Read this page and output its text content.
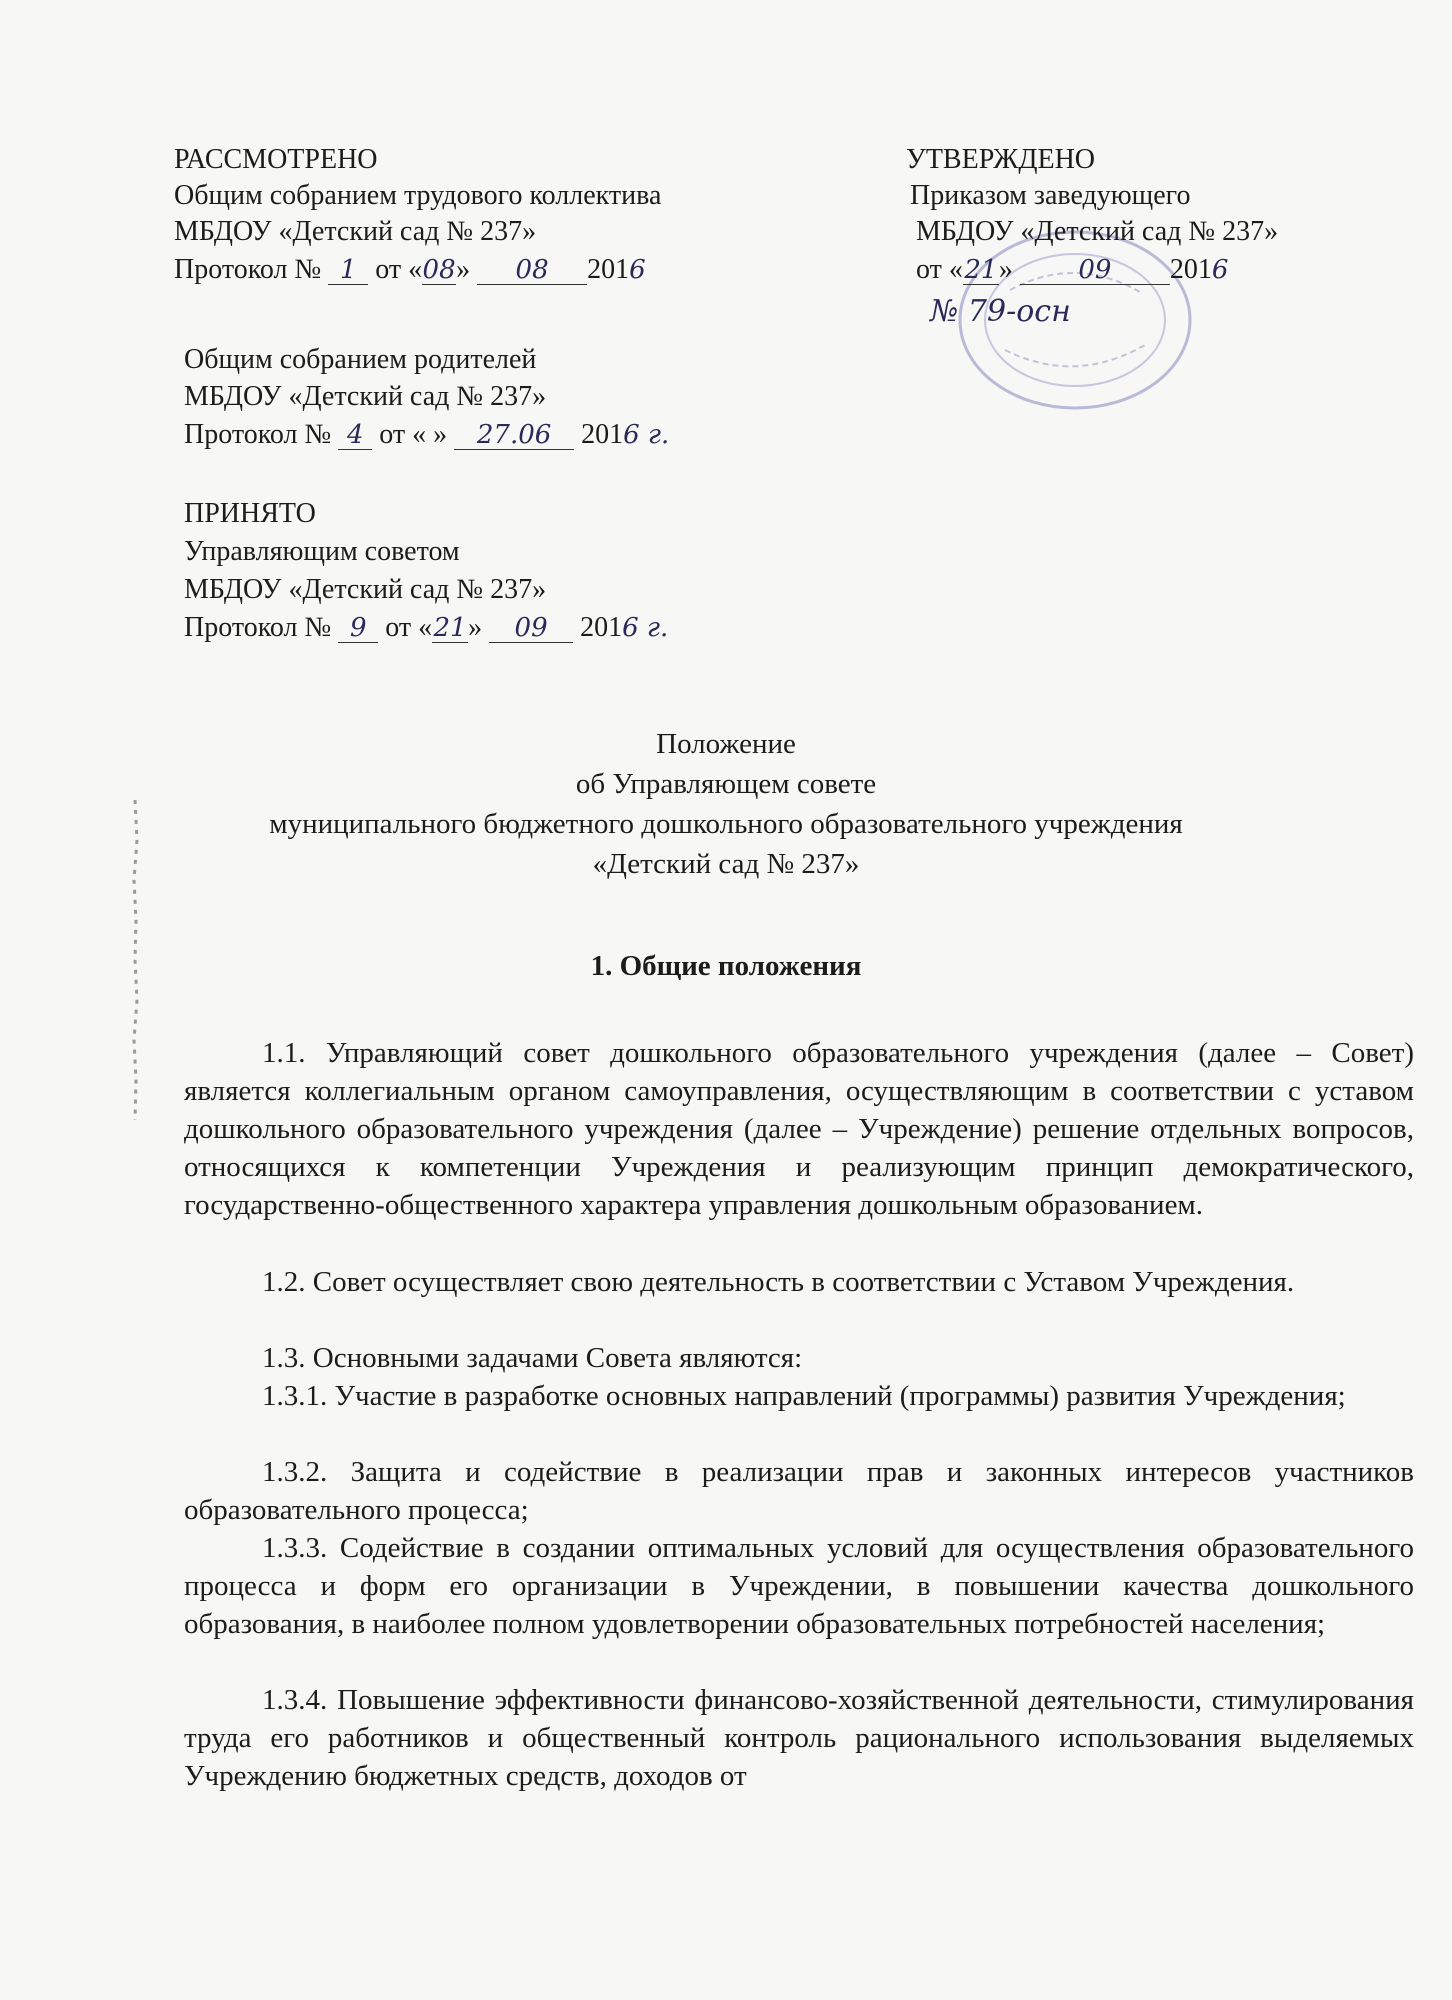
РАССМОТРЕНО
Общим собранием трудового коллектива
МБДОУ «Детский сад № 237»
Протокол № 1 от «08» 08 2016
Общим собранием родителей
МБДОУ «Детский сад № 237»
Протокол № 4 от « » 27.06 2016 г.
ПРИНЯТО
Управляющим советом
МБДОУ «Детский сад № 237»
Протокол № 9 от «21» 09 2016 г.
УТВЕРЖДЕНО
Приказом заведующего
МБДОУ «Детский сад № 237»
от «21»	09 2016
№ 79-осн
Положение
об Управляющем совете
муниципального бюджетного дошкольного образовательного учреждения
«Детский сад № 237»
1. Общие положения
1.1. Управляющий совет дошкольного образовательного учреждения (далее – Совет) является коллегиальным органом самоуправления, осуществляющим в соответствии с уставом дошкольного образовательного учреждения (далее – Учреждение) решение отдельных вопросов, относящихся к компетенции Учреждения и реализующим принцип демократического, государственно-общественного характера управления дошкольным образованием.
1.2. Совет осуществляет свою деятельность в соответствии с Уставом Учреждения.
1.3. Основными задачами Совета являются:
1.3.1. Участие в разработке основных направлений (программы) развития Учреждения;
1.3.2. Защита и содействие в реализации прав и законных интересов участников образовательного процесса;
1.3.3. Содействие в создании оптимальных условий для осуществления образовательного процесса и форм его организации в Учреждении, в повышении качества дошкольного образования, в наиболее полном удовлетворении образовательных потребностей населения;
1.3.4. Повышение эффективности финансово-хозяйственной деятельности, стимулирования труда его работников и общественный контроль рационального использования выделяемых Учреждению бюджетных средств, доходов от
